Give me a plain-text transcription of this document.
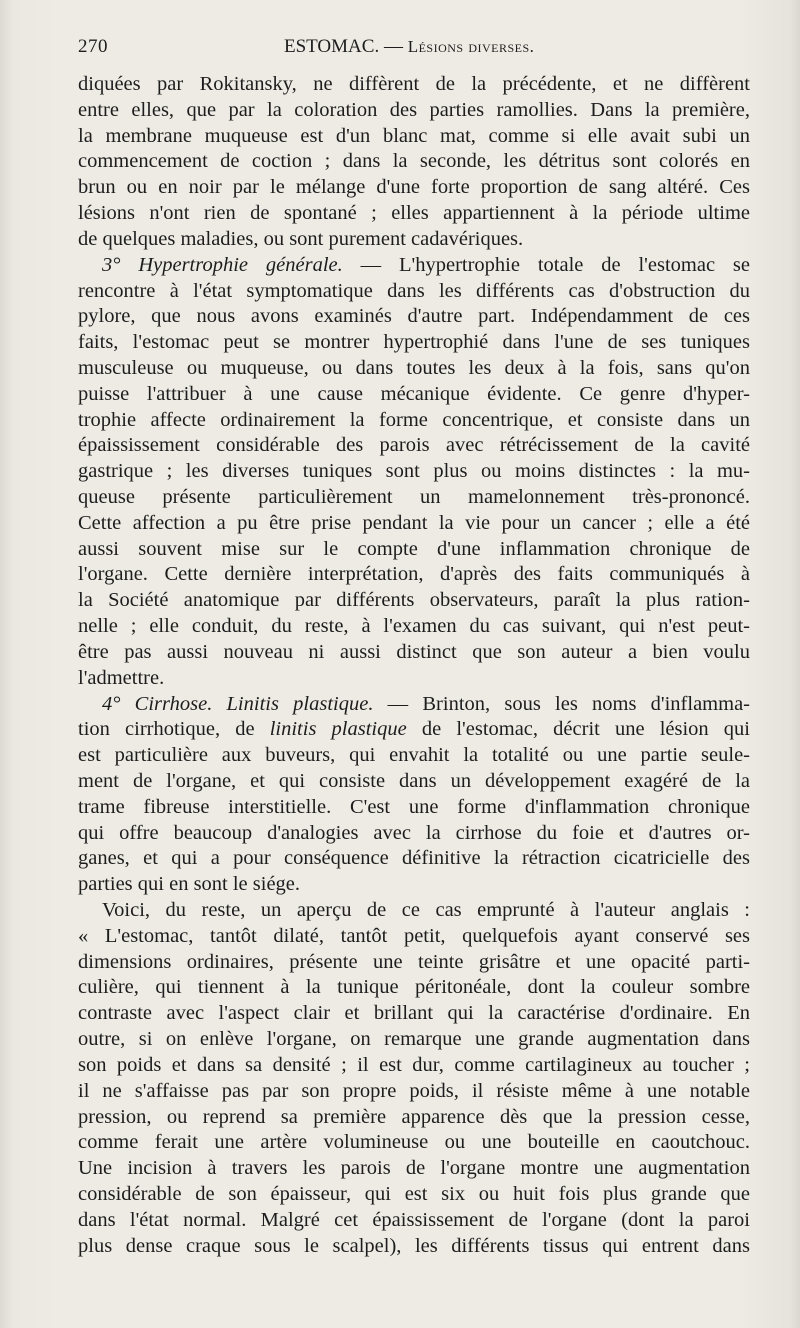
270	ESTOMAC. — Lésions diverses.
diquées par Rokitansky, ne diffèrent de la précédente, et ne diffèrent
entre elles, que par la coloration des parties ramollies. Dans la première,
la membrane muqueuse est d'un blanc mat, comme si elle avait subi un
commencement de coction ; dans la seconde, les détritus sont colorés en
brun ou en noir par le mélange d'une forte proportion de sang altéré. Ces
lésions n'ont rien de spontané ; elles appartiennent à la période ultime
de quelques maladies, ou sont purement cadavériques.
3° Hypertrophie générale. — L'hypertrophie totale de l'estomac se
rencontre à l'état symptomatique dans les différents cas d'obstruction du
pylore, que nous avons examinés d'autre part. Indépendamment de ces
faits, l'estomac peut se montrer hypertrophié dans l'une de ses tuniques
musculeuse ou muqueuse, ou dans toutes les deux à la fois, sans qu'on
puisse l'attribuer à une cause mécanique évidente. Ce genre d'hyper-
trophie affecte ordinairement la forme concentrique, et consiste dans un
épaississement considérable des parois avec rétrécissement de la cavité
gastrique ; les diverses tuniques sont plus ou moins distinctes : la mu-
queuse présente particulièrement un mamelonnement très-prononcé.
Cette affection a pu être prise pendant la vie pour un cancer ; elle a été
aussi souvent mise sur le compte d'une inflammation chronique de
l'organe. Cette dernière interprétation, d'après des faits communiqués à
la Société anatomique par différents observateurs, paraît la plus ration-
nelle ; elle conduit, du reste, à l'examen du cas suivant, qui n'est peut-
être pas aussi nouveau ni aussi distinct que son auteur a bien voulu
l'admettre.
4° Cirrhose. Linitis plastique. — Brinton, sous les noms d'inflamma-
tion cirrhotique, de linitis plastique de l'estomac, décrit une lésion qui
est particulière aux buveurs, qui envahit la totalité ou une partie seule-
ment de l'organe, et qui consiste dans un développement exagéré de la
trame fibreuse interstitielle. C'est une forme d'inflammation chronique
qui offre beaucoup d'analogies avec la cirrhose du foie et d'autres or-
ganes, et qui a pour conséquence définitive la rétraction cicatricielle des
parties qui en sont le siége.
Voici, du reste, un aperçu de ce cas emprunté à l'auteur anglais :
« L'estomac, tantôt dilaté, tantôt petit, quelquefois ayant conservé ses
dimensions ordinaires, présente une teinte grisâtre et une opacité parti-
culière, qui tiennent à la tunique péritonéale, dont la couleur sombre
contraste avec l'aspect clair et brillant qui la caractérise d'ordinaire. En
outre, si on enlève l'organe, on remarque une grande augmentation dans
son poids et dans sa densité ; il est dur, comme cartilagineux au toucher ;
il ne s'affaisse pas par son propre poids, il résiste même à une notable
pression, ou reprend sa première apparence dès que la pression cesse,
comme ferait une artère volumineuse ou une bouteille en caoutchouc.
Une incision à travers les parois de l'organe montre une augmentation
considérable de son épaisseur, qui est six ou huit fois plus grande que
dans l'état normal. Malgré cet épaississement de l'organe (dont la paroi
plus dense craque sous le scalpel), les différents tissus qui entrent dans
